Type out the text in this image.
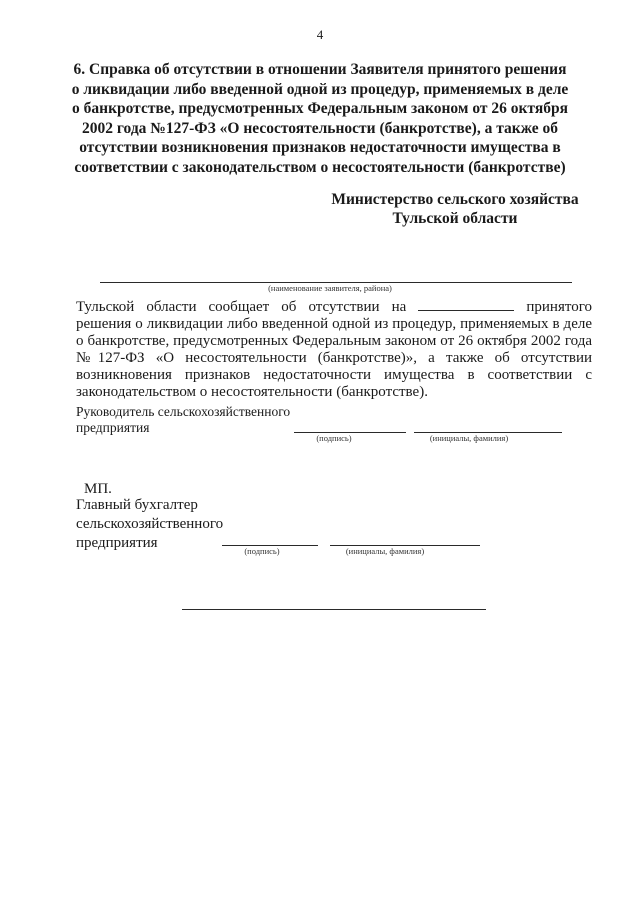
4
6. Справка об отсутствии в отношении Заявителя принятого решения о ликвидации либо введенной одной из процедур, применяемых в деле о банкротстве, предусмотренных Федеральным законом от 26 октября 2002 года №127-ФЗ «О несостоятельности (банкротстве), а также об отсутствии возникновения признаков недостаточности имущества в соответствии с законодательством о несостоятельности (банкротстве)
Министерство сельского хозяйства
Тульской области
(наименование заявителя, района)
Тульской области сообщает об отсутствии на	принятого решения о ликвидации либо введенной одной из процедур, применяемых в деле о банкротстве, предусмотренных Федеральным законом от 26 октября 2002 года №127-ФЗ «О несостоятельности (банкротстве)», а также об отсутствии возникновения признаков недостаточности имущества в соответствии с законодательством о несостоятельности (банкротстве).
Руководитель сельскохозяйственного
предприятия
(подпись)	(инициалы, фамилия)
МП.
Главный бухгалтер
сельскохозяйственного
предприятия	(подпись)	(инициалы, фамилия)
